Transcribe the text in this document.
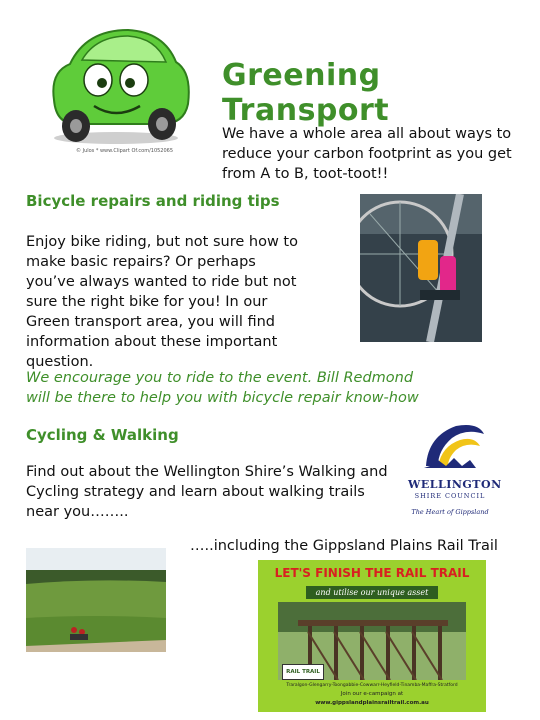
© Julos * www.Clipart Of.com/1052065
Greening Transport
We have a whole area all about ways to reduce your carbon footprint as you get from A to B, toot-toot!!
Bicycle repairs and riding tips
Enjoy bike riding, but not sure how to make basic repairs? Or perhaps you’ve always wanted to ride but not sure the right bike for you! In our Green transport area, you will find information about these important question.
We encourage you to ride to the event. Bill Redmond will be there to help you with bicycle repair know-how
Cycling & Walking
Find out about the Wellington Shire’s Walking and Cycling strategy and learn about walking trails near you……..
WELLINGTON
SHIRE COUNCIL
The Heart of Gippsland
…..including the Gippsland Plains Rail Trail
LET'S FINISH THE RAIL TRAIL
and utilise our unique asset
RAIL TRAIL
Traralgon-Glengarry-Toongabbie-Cowwarr-Heyfield-Tinamba-Maffra-Stratford
Join our e-campaign at
www.gippslandplainsrailtrail.com.au
